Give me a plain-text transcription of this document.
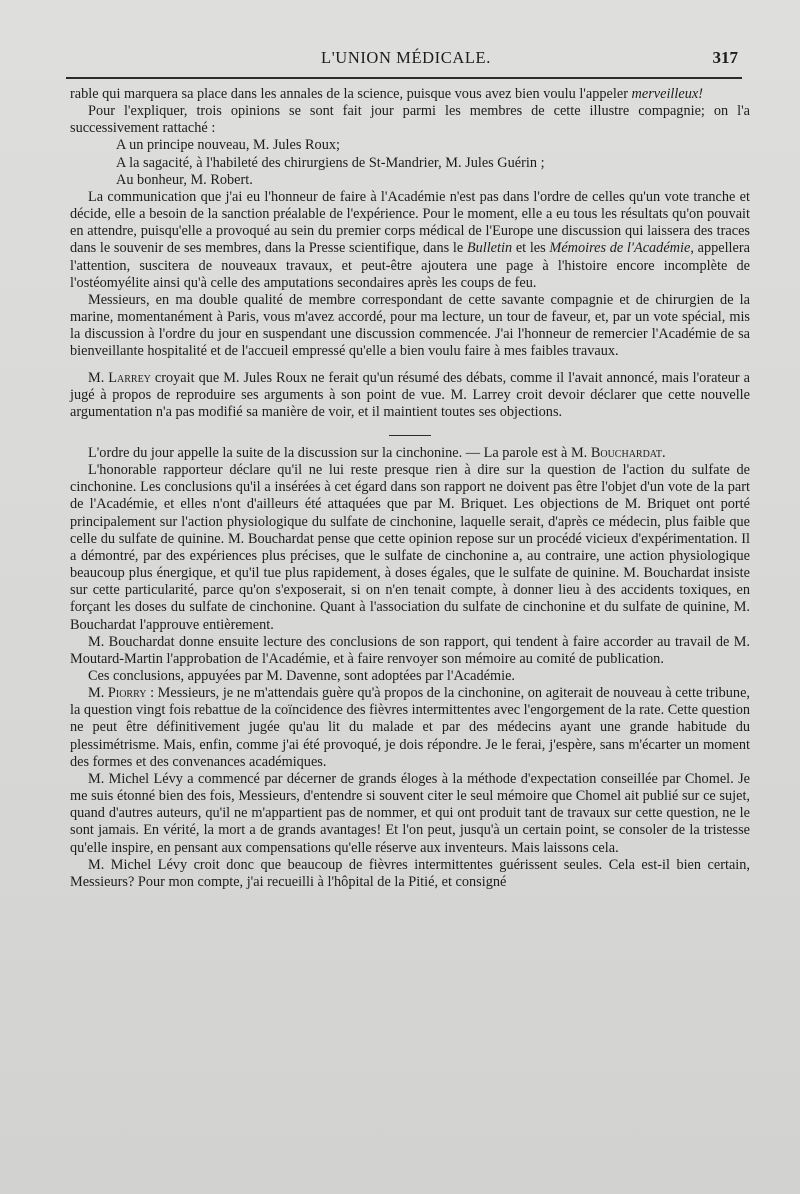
L'UNION MÉDICALE.	317

rable qui marquera sa place dans les annales de la science, puisque vous avez bien voulu l'appeler merveilleux!

Pour l'expliquer, trois opinions se sont fait jour parmi les membres de cette illustre compagnie; on l'a successivement rattaché :

A un principe nouveau, M. Jules Roux;

A la sagacité, à l'habileté des chirurgiens de St-Mandrier, M. Jules Guérin ;

Au bonheur, M. Robert.

La communication que j'ai eu l'honneur de faire à l'Académie n'est pas dans l'ordre de celles qu'un vote tranche et décide, elle a besoin de la sanction préalable de l'expérience. Pour le moment, elle a eu tous les résultats qu'on pouvait en attendre, puisqu'elle a provoqué au sein du premier corps médical de l'Europe une discussion qui laissera des traces dans le souvenir de ses membres, dans la Presse scientifique, dans le Bulletin et les Mémoires de l'Académie, appellera l'attention, suscitera de nouveaux travaux, et peut-être ajoutera une page à l'histoire encore incomplète de l'ostéomyélite ainsi qu'à celle des amputations secondaires après les coups de feu.

Messieurs, en ma double qualité de membre correspondant de cette savante compagnie et de chirurgien de la marine, momentanément à Paris, vous m'avez accordé, pour ma lecture, un tour de faveur, et, par un vote spécial, mis la discussion à l'ordre du jour en suspendant une discussion commencée. J'ai l'honneur de remercier l'Académie de sa bienveillante hospitalité et de l'accueil empressé qu'elle a bien voulu faire à mes faibles travaux.

M. Larrey croyait que M. Jules Roux ne ferait qu'un résumé des débats, comme il l'avait annoncé, mais l'orateur a jugé à propos de reproduire ses arguments à son point de vue. M. Larrey croit devoir déclarer que cette nouvelle argumentation n'a pas modifié sa manière de voir, et il maintient toutes ses objections.

L'ordre du jour appelle la suite de la discussion sur la cinchonine. — La parole est à M. Bouchardat.

L'honorable rapporteur déclare qu'il ne lui reste presque rien à dire sur la question de l'action du sulfate de cinchonine. Les conclusions qu'il a insérées à cet égard dans son rapport ne doivent pas être l'objet d'un vote de la part de l'Académie, et elles n'ont d'ailleurs été attaquées que par M. Briquet. Les objections de M. Briquet ont porté principalement sur l'action physiologique du sulfate de cinchonine, laquelle serait, d'après ce médecin, plus faible que celle du sulfate de quinine. M. Bouchardat pense que cette opinion repose sur un procédé vicieux d'expérimentation. Il a démontré, par des expériences plus précises, que le sulfate de cinchonine a, au contraire, une action physiologique beaucoup plus énergique, et qu'il tue plus rapidement, à doses égales, que le sulfate de quinine. M. Bouchardat insiste sur cette particularité, parce qu'on s'exposerait, si on n'en tenait compte, à donner lieu à des accidents toxiques, en forçant les doses du sulfate de cinchonine. Quant à l'association du sulfate de cinchonine et du sulfate de quinine, M. Bouchardat l'approuve entièrement.

M. Bouchardat donne ensuite lecture des conclusions de son rapport, qui tendent à faire accorder au travail de M. Moutard-Martin l'approbation de l'Académie, et à faire renvoyer son mémoire au comité de publication.

Ces conclusions, appuyées par M. Davenne, sont adoptées par l'Académie.

M. Piorry : Messieurs, je ne m'attendais guère qu'à propos de la cinchonine, on agiterait de nouveau à cette tribune, la question vingt fois rebattue de la coïncidence des fièvres intermittentes avec l'engorgement de la rate. Cette question ne peut être définitivement jugée qu'au lit du malade et par des médecins ayant une grande habitude du plessimétrisme. Mais, enfin, comme j'ai été provoqué, je dois répondre. Je le ferai, j'espère, sans m'écarter un moment des formes et des convenances académiques.

M. Michel Lévy a commencé par décerner de grands éloges à la méthode d'expectation conseillée par Chomel. Je me suis étonné bien des fois, Messieurs, d'entendre si souvent citer le seul mémoire que Chomel ait publié sur ce sujet, quand d'autres auteurs, qu'il ne m'appartient pas de nommer, et qui ont produit tant de travaux sur cette question, ne le sont jamais. En vérité, la mort a de grands avantages! Et l'on peut, jusqu'à un certain point, se consoler de la tristesse qu'elle inspire, en pensant aux compensations qu'elle réserve aux inventeurs. Mais laissons cela.

M. Michel Lévy croit donc que beaucoup de fièvres intermittentes guérissent seules. Cela est-il bien certain, Messieurs? Pour mon compte, j'ai recueilli à l'hôpital de la Pitié, et consigné
